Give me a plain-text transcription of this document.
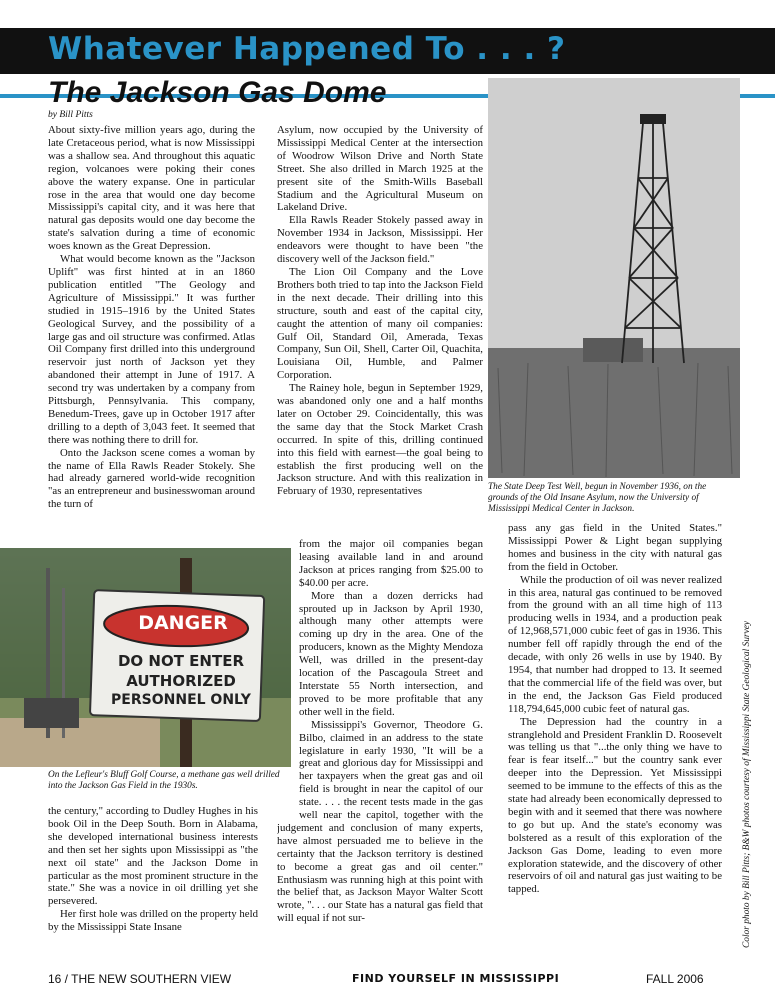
Whatever Happened To . . . ?
The Jackson Gas Dome
by Bill Pitts

About sixty-five million years ago, during the late Cretaceous period, what is now Mississippi was a shallow sea. And throughout this aquatic region, volcanoes were poking their cones above the watery expanse. One in particular rose in the area that would one day become Mississippi's capital city, and it was here that natural gas deposits would one day become the state's salvation during a time of economic woes known as the Great Depression.

What would become known as the "Jackson Uplift" was first hinted at in an 1860 publication entitled "The Geology and Agriculture of Mississippi." It was further studied in 1915–1916 by the United States Geological Survey, and the possibility of a large gas and oil structure was confirmed. Atlas Oil Company first drilled into this underground reservoir just north of Jackson yet they abandoned their attempt in June of 1917. A second try was undertaken by a company from Pittsburgh, Pennsylvania. This company, Benedum-Trees, gave up in October 1917 after drilling to a depth of 3,043 feet. It seemed that there was nothing there to drill for.

Onto the Jackson scene comes a woman by the name of Ella Rawls Reader Stokely. She had already garnered world-wide recognition "as an entrepreneur and businesswoman around the turn of

DANGER
DO NOT ENTER
AUTHORIZED
PERSONNEL ONLY
On the Lefleur's Bluff Golf Course, a methane gas well drilled into the Jackson Gas Field in the 1930s.

the century," according to Dudley Hughes in his book Oil in the Deep South. Born in Alabama, she developed international business interests and then set her sights upon Mississippi as "the next oil state" and the Jackson Dome in particular as the most prominent structure in the state." She was a novice in oil drilling yet she persevered.

Her first hole was drilled on the property held by the Mississippi State Insane

Asylum, now occupied by the University of Mississippi Medical Center at the intersection of Woodrow Wilson Drive and North State Street. She also drilled in March 1925 at the present site of the Smith-Wills Baseball Stadium and the Agricultural Museum on Lakeland Drive.

Ella Rawls Reader Stokely passed away in November 1934 in Jackson, Mississippi. Her endeavors were thought to have been "the discovery well of the Jackson field."

The Lion Oil Company and the Love Brothers both tried to tap into the Jackson Field in the next decade. Their drilling into this structure, south and east of the capital city, caught the attention of many oil companies: Gulf Oil, Standard Oil, Amerada, Texas Company, Sun Oil, Shell, Carter Oil, Quachita, Louisiana Oil, Humble, and Palmer Corporation.

The Rainey hole, begun in September 1929, was abandoned only one and a half months later on October 29. Coincidentally, this was the same day that the Stock Market Crash occurred. In spite of this, drilling continued into this field with earnest—the goal being to establish the first producing well on the Jackson structure. And with this realization in February of 1930, representatives

from the major oil companies began leasing available land in and around Jackson at prices ranging from $25.00 to $40.00 per acre.

More than a dozen derricks had sprouted up in Jackson by April 1930, although many other attempts were coming up dry in the area. One of the producers, known as the Mighty Mendoza Well, was drilled in the present-day location of the Pascagoula Street and Interstate 55 North intersection, and proved to be more profitable that any other well in the field.

Mississippi's Governor, Theodore G. Bilbo, claimed in an address to the state legislature in early 1930, "It will be a great and glorious day for Mississippi and her taxpayers when the great gas and oil field is brought in near the capitol of our state. . . . the recent tests made in the gas well near the capitol, together with the judgement and conclusion of many experts, have almost persuaded me to believe in the certainty that the Jackson territory is destined to become a great gas and oil center." Enthusiasm was running high at this point with the belief that, as Jackson Mayor Walter Scott wrote, ". . . our State has a natural gas field that will equal if not sur-

The State Deep Test Well, begun in November 1936, on the grounds of the Old Insane Asylum, now the University of Mississippi Medical Center in Jackson.

pass any gas field in the United States." Mississippi Power & Light began supplying homes and business in the city with natural gas from the field in October.

While the production of oil was never realized in this area, natural gas continued to be removed from the ground with an all time high of 113 producing wells in 1934, and a production peak of 12,968,571,000 cubic feet of gas in 1936. This number fell off rapidly through the end of the decade, with only 26 wells in use by 1940. By 1954, that number had dropped to 13. It seemed that the commercial life of the field was over, but in the end, the Jackson Gas Field produced 118,794,645,000 cubic feet of natural gas.

The Depression had the country in a stranglehold and President Franklin D. Roosevelt was telling us that "...the only thing we have to fear is fear itself..." but the country sank ever deeper into the Depression. Yet Mississippi seemed to be immune to the effects of this as the state had already been economically depressed to begin with and it seemed that there was nowhere to go but up. And the state's economy was bolstered as a result of this exploration of the Jackson Gas Dome, leading to even more exploration statewide, and the discovery of other reservoirs of oil and natural gas just waiting to be tapped.	Color photo by Bill Pitts; B&W photos courtesy of Mississippi State Geological Survey
16 / THE NEW SOUTHERN VIEW	FIND YOURSELF IN MISSISSIPPI	FALL 2006
